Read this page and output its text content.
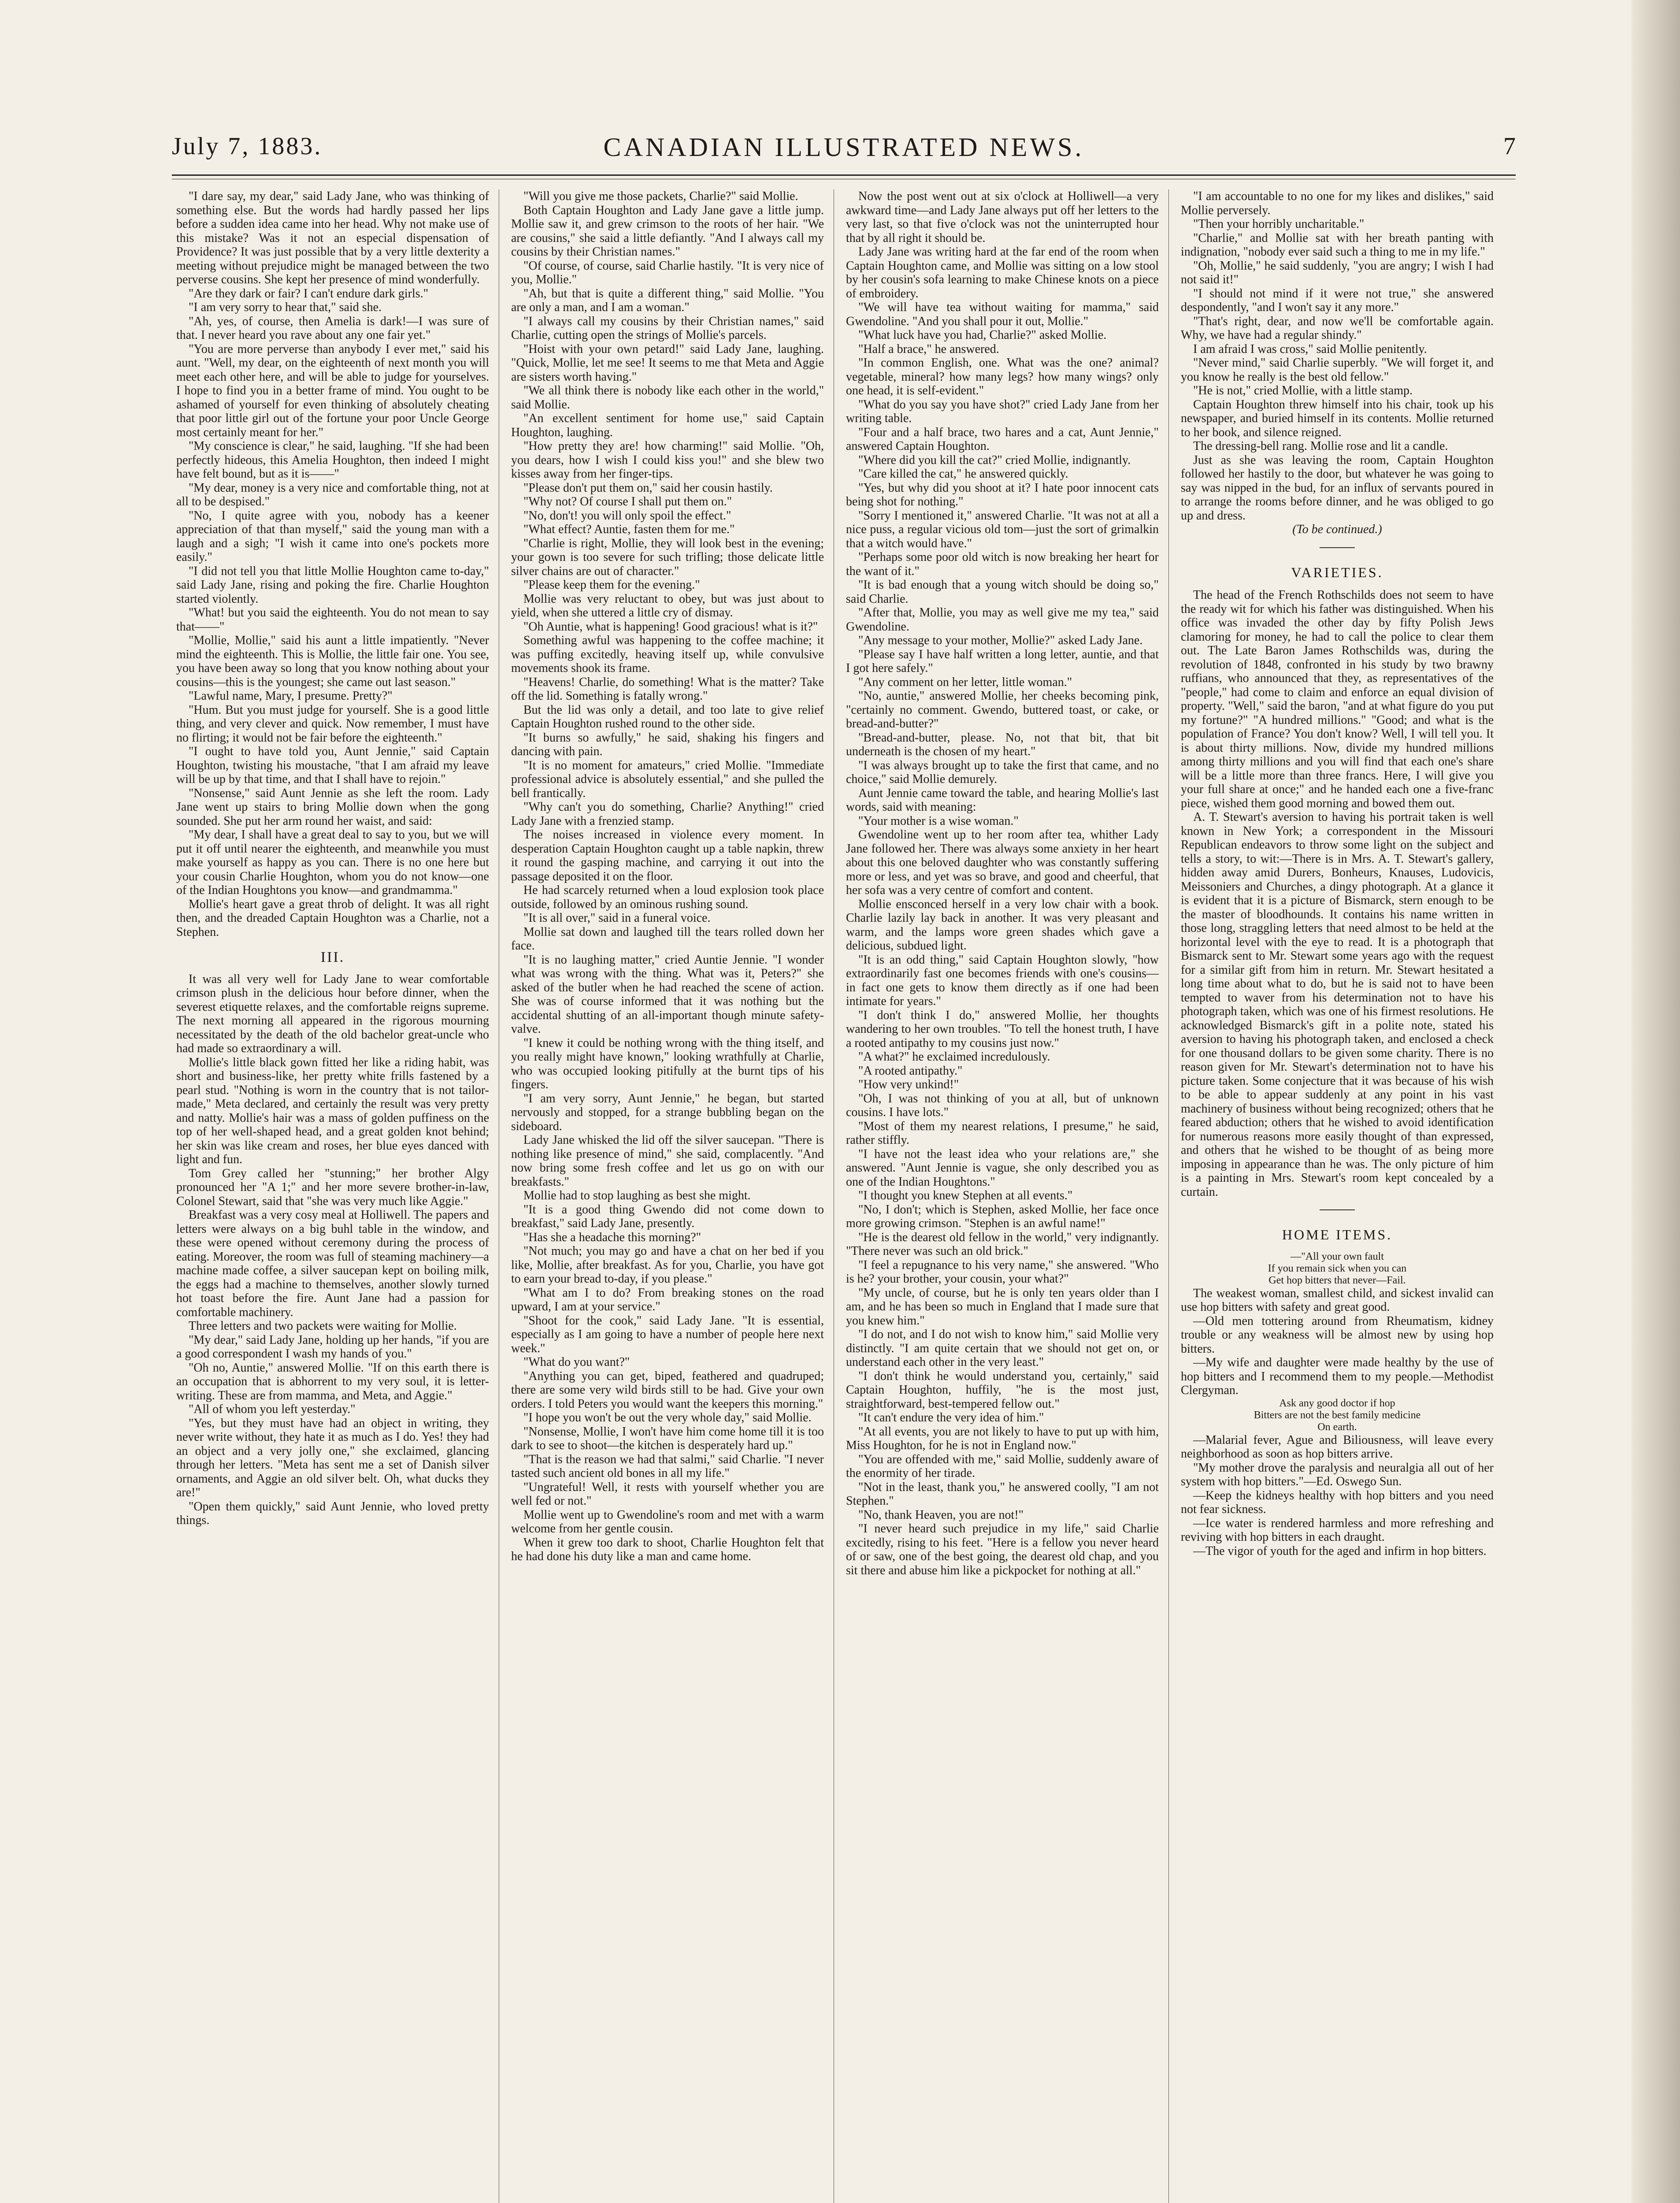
July 7, 1883.	CANADIAN ILLUSTRATED NEWS.	7

"I dare say, my dear," said Lady Jane, who was thinking of something else. But the words had hardly passed her lips before a sudden idea came into her head. Why not make use of this mistake? Was it not an especial dispensation of Providence? It was just possible that by a very little dexterity a meeting without prejudice might be managed between the two perverse cousins. She kept her presence of mind wonderfully.

"Are they dark or fair? I can't endure dark girls."

"I am very sorry to hear that," said she.

"Ah, yes, of course, then Amelia is dark!—I was sure of that. I never heard you rave about any one fair yet."

"You are more perverse than anybody I ever met," said his aunt. "Well, my dear, on the eighteenth of next month you will meet each other here, and will be able to judge for yourselves. I hope to find you in a better frame of mind. You ought to be ashamed of yourself for even thinking of absolutely cheating that poor little girl out of the fortune your poor Uncle George most certainly meant for her."

"My conscience is clear," he said, laughing. "If she had been perfectly hideous, this Amelia Houghton, then indeed I might have felt bound, but as it is——"

"My dear, money is a very nice and comfortable thing, not at all to be despised."

"No, I quite agree with you, nobody has a keener appreciation of that than myself," said the young man with a laugh and a sigh; "I wish it came into one's pockets more easily."

"I did not tell you that little Mollie Houghton came to-day," said Lady Jane, rising and poking the fire. Charlie Houghton started violently.

"What! but you said the eighteenth. You do not mean to say that——"

"Mollie, Mollie," said his aunt a little impatiently. "Never mind the eighteenth. This is Mollie, the little fair one. You see, you have been away so long that you know nothing about your cousins—this is the youngest; she came out last season."

"Lawful name, Mary, I presume. Pretty?"

"Hum. But you must judge for yourself. She is a good little thing, and very clever and quick. Now remember, I must have no flirting; it would not be fair before the eighteenth."

"I ought to have told you, Aunt Jennie," said Captain Houghton, twisting his moustache, "that I am afraid my leave will be up by that time, and that I shall have to rejoin."

"Nonsense," said Aunt Jennie as she left the room. Lady Jane went up stairs to bring Mollie down when the gong sounded. She put her arm round her waist, and said:

"My dear, I shall have a great deal to say to you, but we will put it off until nearer the eighteenth, and meanwhile you must make yourself as happy as you can. There is no one here but your cousin Charlie Houghton, whom you do not know—one of the Indian Houghtons you know—and grandmamma."

Mollie's heart gave a great throb of delight. It was all right then, and the dreaded Captain Houghton was a Charlie, not a Stephen.

III.

It was all very well for Lady Jane to wear comfortable crimson plush in the delicious hour before dinner, when the severest etiquette relaxes, and the comfortable reigns supreme. The next morning all appeared in the rigorous mourning necessitated by the death of the old bachelor great-uncle who had made so extraordinary a will.

Mollie's little black gown fitted her like a riding habit, was short and business-like, her pretty white frills fastened by a pearl stud. "Nothing is worn in the country that is not tailor-made," Meta declared, and certainly the result was very pretty and natty. Mollie's hair was a mass of golden puffiness on the top of her well-shaped head, and a great golden knot behind; her skin was like cream and roses, her blue eyes danced with light and fun.

Tom Grey called her "stunning;" her brother Algy pronounced her "A 1;" and her more severe brother-in-law, Colonel Stewart, said that "she was very much like Aggie."

Breakfast was a very cosy meal at Holliwell. The papers and letters were always on a big buhl table in the window, and these were opened without ceremony during the process of eating. Moreover, the room was full of steaming machinery—a machine made coffee, a silver saucepan kept on boiling milk, the eggs had a machine to themselves, another slowly turned hot toast before the fire. Aunt Jane had a passion for comfortable machinery.

Three letters and two packets were waiting for Mollie.

"My dear," said Lady Jane, holding up her hands, "if you are a good correspondent I wash my hands of you."

"Oh no, Auntie," answered Mollie. "If on this earth there is an occupation that is abhorrent to my very soul, it is letter-writing. These are from mamma, and Meta, and Aggie."

"All of whom you left yesterday."

"Yes, but they must have had an object in writing, they never write without, they hate it as much as I do. Yes! they had an object and a very jolly one," she exclaimed, glancing through her letters. "Meta has sent me a set of Danish silver ornaments, and Aggie an old silver belt. Oh, what ducks they are!"

"Open them quickly," said Aunt Jennie, who loved pretty things.

"Will you give me those packets, Charlie?" said Mollie.

Both Captain Houghton and Lady Jane gave a little jump. Mollie saw it, and grew crimson to the roots of her hair. "We are cousins," she said a little defiantly. "And I always call my cousins by their Christian names."

"Of course, of course, said Charlie hastily. "It is very nice of you, Mollie."

"Ah, but that is quite a different thing," said Mollie. "You are only a man, and I am a woman."

"I always call my cousins by their Christian names," said Charlie, cutting open the strings of Mollie's parcels.

"Hoist with your own petard!" said Lady Jane, laughing. "Quick, Mollie, let me see! It seems to me that Meta and Aggie are sisters worth having."

"We all think there is nobody like each other in the world," said Mollie.

"An excellent sentiment for home use," said Captain Houghton, laughing.

"How pretty they are! how charming!" said Mollie. "Oh, you dears, how I wish I could kiss you!" and she blew two kisses away from her finger-tips.

"Please don't put them on," said her cousin hastily.

"Why not? Of course I shall put them on."

"No, don't! you will only spoil the effect."

"What effect? Auntie, fasten them for me."

"Charlie is right, Mollie, they will look best in the evening; your gown is too severe for such trifling; those delicate little silver chains are out of character."

"Please keep them for the evening."

Mollie was very reluctant to obey, but was just about to yield, when she uttered a little cry of dismay.

"Oh Auntie, what is happening! Good gracious! what is it?"

Something awful was happening to the coffee machine; it was puffing excitedly, heaving itself up, while convulsive movements shook its frame.

"Heavens! Charlie, do something! What is the matter? Take off the lid. Something is fatally wrong."

But the lid was only a detail, and too late to give relief Captain Houghton rushed round to the other side.

"It burns so awfully," he said, shaking his fingers and dancing with pain.

"It is no moment for amateurs," cried Mollie. "Immediate professional advice is absolutely essential," and she pulled the bell frantically.

"Why can't you do something, Charlie? Anything!" cried Lady Jane with a frenzied stamp.

The noises increased in violence every moment. In desperation Captain Houghton caught up a table napkin, threw it round the gasping machine, and carrying it out into the passage deposited it on the floor.

He had scarcely returned when a loud explosion took place outside, followed by an ominous rushing sound.

"It is all over," said in a funeral voice.

Mollie sat down and laughed till the tears rolled down her face.

"It is no laughing matter," cried Auntie Jennie. "I wonder what was wrong with the thing. What was it, Peters?" she asked of the butler when he had reached the scene of action. She was of course informed that it was nothing but the accidental shutting of an all-important though minute safety-valve.

"I knew it could be nothing wrong with the thing itself, and you really might have known," looking wrathfully at Charlie, who was occupied looking pitifully at the burnt tips of his fingers.

"I am very sorry, Aunt Jennie," he began, but started nervously and stopped, for a strange bubbling began on the sideboard.

Lady Jane whisked the lid off the silver saucepan. "There is nothing like presence of mind," she said, complacently. "And now bring some fresh coffee and let us go on with our breakfasts."

Mollie had to stop laughing as best she might.

"It is a good thing Gwendo did not come down to breakfast," said Lady Jane, presently.

"Has she a headache this morning?"

"Not much; you may go and have a chat on her bed if you like, Mollie, after breakfast. As for you, Charlie, you have got to earn your bread to-day, if you please."

"What am I to do? From breaking stones on the road upward, I am at your service."

"Shoot for the cook," said Lady Jane. "It is essential, especially as I am going to have a number of people here next week."

"What do you want?"

"Anything you can get, biped, feathered and quadruped; there are some very wild birds still to be had. Give your own orders. I told Peters you would want the keepers this morning."

"I hope you won't be out the very whole day," said Mollie.

"Nonsense, Mollie, I won't have him come home till it is too dark to see to shoot—the kitchen is desperately hard up."

"That is the reason we had that salmi," said Charlie. "I never tasted such ancient old bones in all my life."

"Ungrateful! Well, it rests with yourself whether you are well fed or not."

Mollie went up to Gwendoline's room and met with a warm welcome from her gentle cousin.

When it grew too dark to shoot, Charlie Houghton felt that he had done his duty like a man and came home.

Now the post went out at six o'clock at Holliwell—a very awkward time—and Lady Jane always put off her letters to the very last, so that five o'clock was not the uninterrupted hour that by all right it should be.

Lady Jane was writing hard at the far end of the room when Captain Houghton came, and Mollie was sitting on a low stool by her cousin's sofa learning to make Chinese knots on a piece of embroidery.

"We will have tea without waiting for mamma," said Gwendoline. "And you shall pour it out, Mollie."

"What luck have you had, Charlie?" asked Mollie.

"Half a brace," he answered.

"In common English, one. What was the one? animal? vegetable, mineral? how many legs? how many wings? only one head, it is self-evident."

"What do you say you have shot?" cried Lady Jane from her writing table.

"Four and a half brace, two hares and a cat, Aunt Jennie," answered Captain Houghton.

"Where did you kill the cat?" cried Mollie, indignantly.

"Care killed the cat," he answered quickly.

"Yes, but why did you shoot at it? I hate poor innocent cats being shot for nothing."

"Sorry I mentioned it," answered Charlie. "It was not at all a nice puss, a regular vicious old tom—just the sort of grimalkin that a witch would have."

"Perhaps some poor old witch is now breaking her heart for the want of it."

"It is bad enough that a young witch should be doing so," said Charlie.

"After that, Mollie, you may as well give me my tea," said Gwendoline.

"Any message to your mother, Mollie?" asked Lady Jane.

"Please say I have half written a long letter, auntie, and that I got here safely."

"Any comment on her letter, little woman."

"No, auntie," answered Mollie, her cheeks becoming pink, "certainly no comment. Gwendo, buttered toast, or cake, or bread-and-butter?"

"Bread-and-butter, please. No, not that bit, that bit underneath is the chosen of my heart."

"I was always brought up to take the first that came, and no choice," said Mollie demurely.

Aunt Jennie came toward the table, and hearing Mollie's last words, said with meaning:

"Your mother is a wise woman."

Gwendoline went up to her room after tea, whither Lady Jane followed her. There was always some anxiety in her heart about this one beloved daughter who was constantly suffering more or less, and yet was so brave, and good and cheerful, that her sofa was a very centre of comfort and content.

Mollie ensconced herself in a very low chair with a book. Charlie lazily lay back in another. It was very pleasant and warm, and the lamps wore green shades which gave a delicious, subdued light.

"It is an odd thing," said Captain Houghton slowly, "how extraordinarily fast one becomes friends with one's cousins—in fact one gets to know them directly as if one had been intimate for years."

"I don't think I do," answered Mollie, her thoughts wandering to her own troubles. "To tell the honest truth, I have a rooted antipathy to my cousins just now."

"A what?" he exclaimed incredulously.

"A rooted antipathy."

"How very unkind!"

"Oh, I was not thinking of you at all, but of unknown cousins. I have lots."

"Most of them my nearest relations, I presume," he said, rather stiffly.

"I have not the least idea who your relations are," she answered. "Aunt Jennie is vague, she only described you as one of the Indian Houghtons."

"I thought you knew Stephen at all events."

"No, I don't; which is Stephen, asked Mollie, her face once more growing crimson. "Stephen is an awful name!"

"He is the dearest old fellow in the world," very indignantly. "There never was such an old brick."

"I feel a repugnance to his very name," she answered. "Who is he? your brother, your cousin, your what?"

"My uncle, of course, but he is only ten years older than I am, and he has been so much in England that I made sure that you knew him."

"I do not, and I do not wish to know him," said Mollie very distinctly. "I am quite certain that we should not get on, or understand each other in the very least."

"I don't think he would understand you, certainly," said Captain Houghton, huffily, "he is the most just, straightforward, best-tempered fellow out."

"It can't endure the very idea of him."

"At all events, you are not likely to have to put up with him, Miss Houghton, for he is not in England now."

"You are offended with me," said Mollie, suddenly aware of the enormity of her tirade.

"Not in the least, thank you," he answered coolly, "I am not Stephen."

"No, thank Heaven, you are not!"

"I never heard such prejudice in my life," said Charlie excitedly, rising to his feet. "Here is a fellow you never heard of or saw, one of the best going, the dearest old chap, and you sit there and abuse him like a pickpocket for nothing at all."

"I am accountable to no one for my likes and dislikes," said Mollie perversely.

"Then your horribly uncharitable."

"Charlie," and Mollie sat with her breath panting with indignation, "nobody ever said such a thing to me in my life."

"Oh, Mollie," he said suddenly, "you are angry; I wish I had not said it!"

"I should not mind if it were not true," she answered despondently, "and I won't say it any more."

"That's right, dear, and now we'll be comfortable again. Why, we have had a regular shindy."

I am afraid I was cross," said Mollie penitently.

"Never mind," said Charlie superbly. "We will forget it, and you know he really is the best old fellow."

"He is not," cried Mollie, with a little stamp.

Captain Houghton threw himself into his chair, took up his newspaper, and buried himself in its contents. Mollie returned to her book, and silence reigned.

The dressing-bell rang. Mollie rose and lit a candle.

Just as she was leaving the room, Captain Houghton followed her hastily to the door, but whatever he was going to say was nipped in the bud, for an influx of servants poured in to arrange the rooms before dinner, and he was obliged to go up and dress.

(To be continued.)

VARIETIES.

The head of the French Rothschilds does not seem to have the ready wit for which his father was distinguished. When his office was invaded the other day by fifty Polish Jews clamoring for money, he had to call the police to clear them out. The Late Baron James Rothschilds was, during the revolution of 1848, confronted in his study by two brawny ruffians, who announced that they, as representatives of the "people," had come to claim and enforce an equal division of property. "Well," said the baron, "and at what figure do you put my fortune?" "A hundred millions." "Good; and what is the population of France? You don't know? Well, I will tell you. It is about thirty millions. Now, divide my hundred millions among thirty millions and you will find that each one's share will be a little more than three francs. Here, I will give you your full share at once;" and he handed each one a five-franc piece, wished them good morning and bowed them out.

A. T. Stewart's aversion to having his portrait taken is well known in New York; a correspondent in the Missouri Republican endeavors to throw some light on the subject and tells a story, to wit:—There is in Mrs. A. T. Stewart's gallery, hidden away amid Durers, Bonheurs, Knauses, Ludovicis, Meissoniers and Churches, a dingy photograph. At a glance it is evident that it is a picture of Bismarck, stern enough to be the master of bloodhounds. It contains his name written in those long, straggling letters that need almost to be held at the horizontal level with the eye to read. It is a photograph that Bismarck sent to Mr. Stewart some years ago with the request for a similar gift from him in return. Mr. Stewart hesitated a long time about what to do, but he is said not to have been tempted to waver from his determination not to have his photograph taken, which was one of his firmest resolutions. He acknowledged Bismarck's gift in a polite note, stated his aversion to having his photograph taken, and enclosed a check for one thousand dollars to be given some charity. There is no reason given for Mr. Stewart's determination not to have his picture taken. Some conjecture that it was because of his wish to be able to appear suddenly at any point in his vast machinery of business without being recognized; others that he feared abduction; others that he wished to avoid identification for numerous reasons more easily thought of than expressed, and others that he wished to be thought of as being more imposing in appearance than he was. The only picture of him is a painting in Mrs. Stewart's room kept concealed by a curtain.

HOME ITEMS.

—"All your own fault

If you remain sick when you can

Get hop bitters that never—Fail.

The weakest woman, smallest child, and sickest invalid can use hop bitters with safety and great good.

—Old men tottering around from Rheumatism, kidney trouble or any weakness will be almost new by using hop bitters.

—My wife and daughter were made healthy by the use of hop bitters and I recommend them to my people.—Methodist Clergyman.

Ask any good doctor if hop

Bitters are not the best family medicine

On earth.

—Malarial fever, Ague and Biliousness, will leave every neighborhood as soon as hop bitters arrive.

"My mother drove the paralysis and neuralgia all out of her system with hop bitters."—Ed. Oswego Sun.

—Keep the kidneys healthy with hop bitters and you need not fear sickness.

—Ice water is rendered harmless and more refreshing and reviving with hop bitters in each draught.

—The vigor of youth for the aged and infirm in hop bitters.
